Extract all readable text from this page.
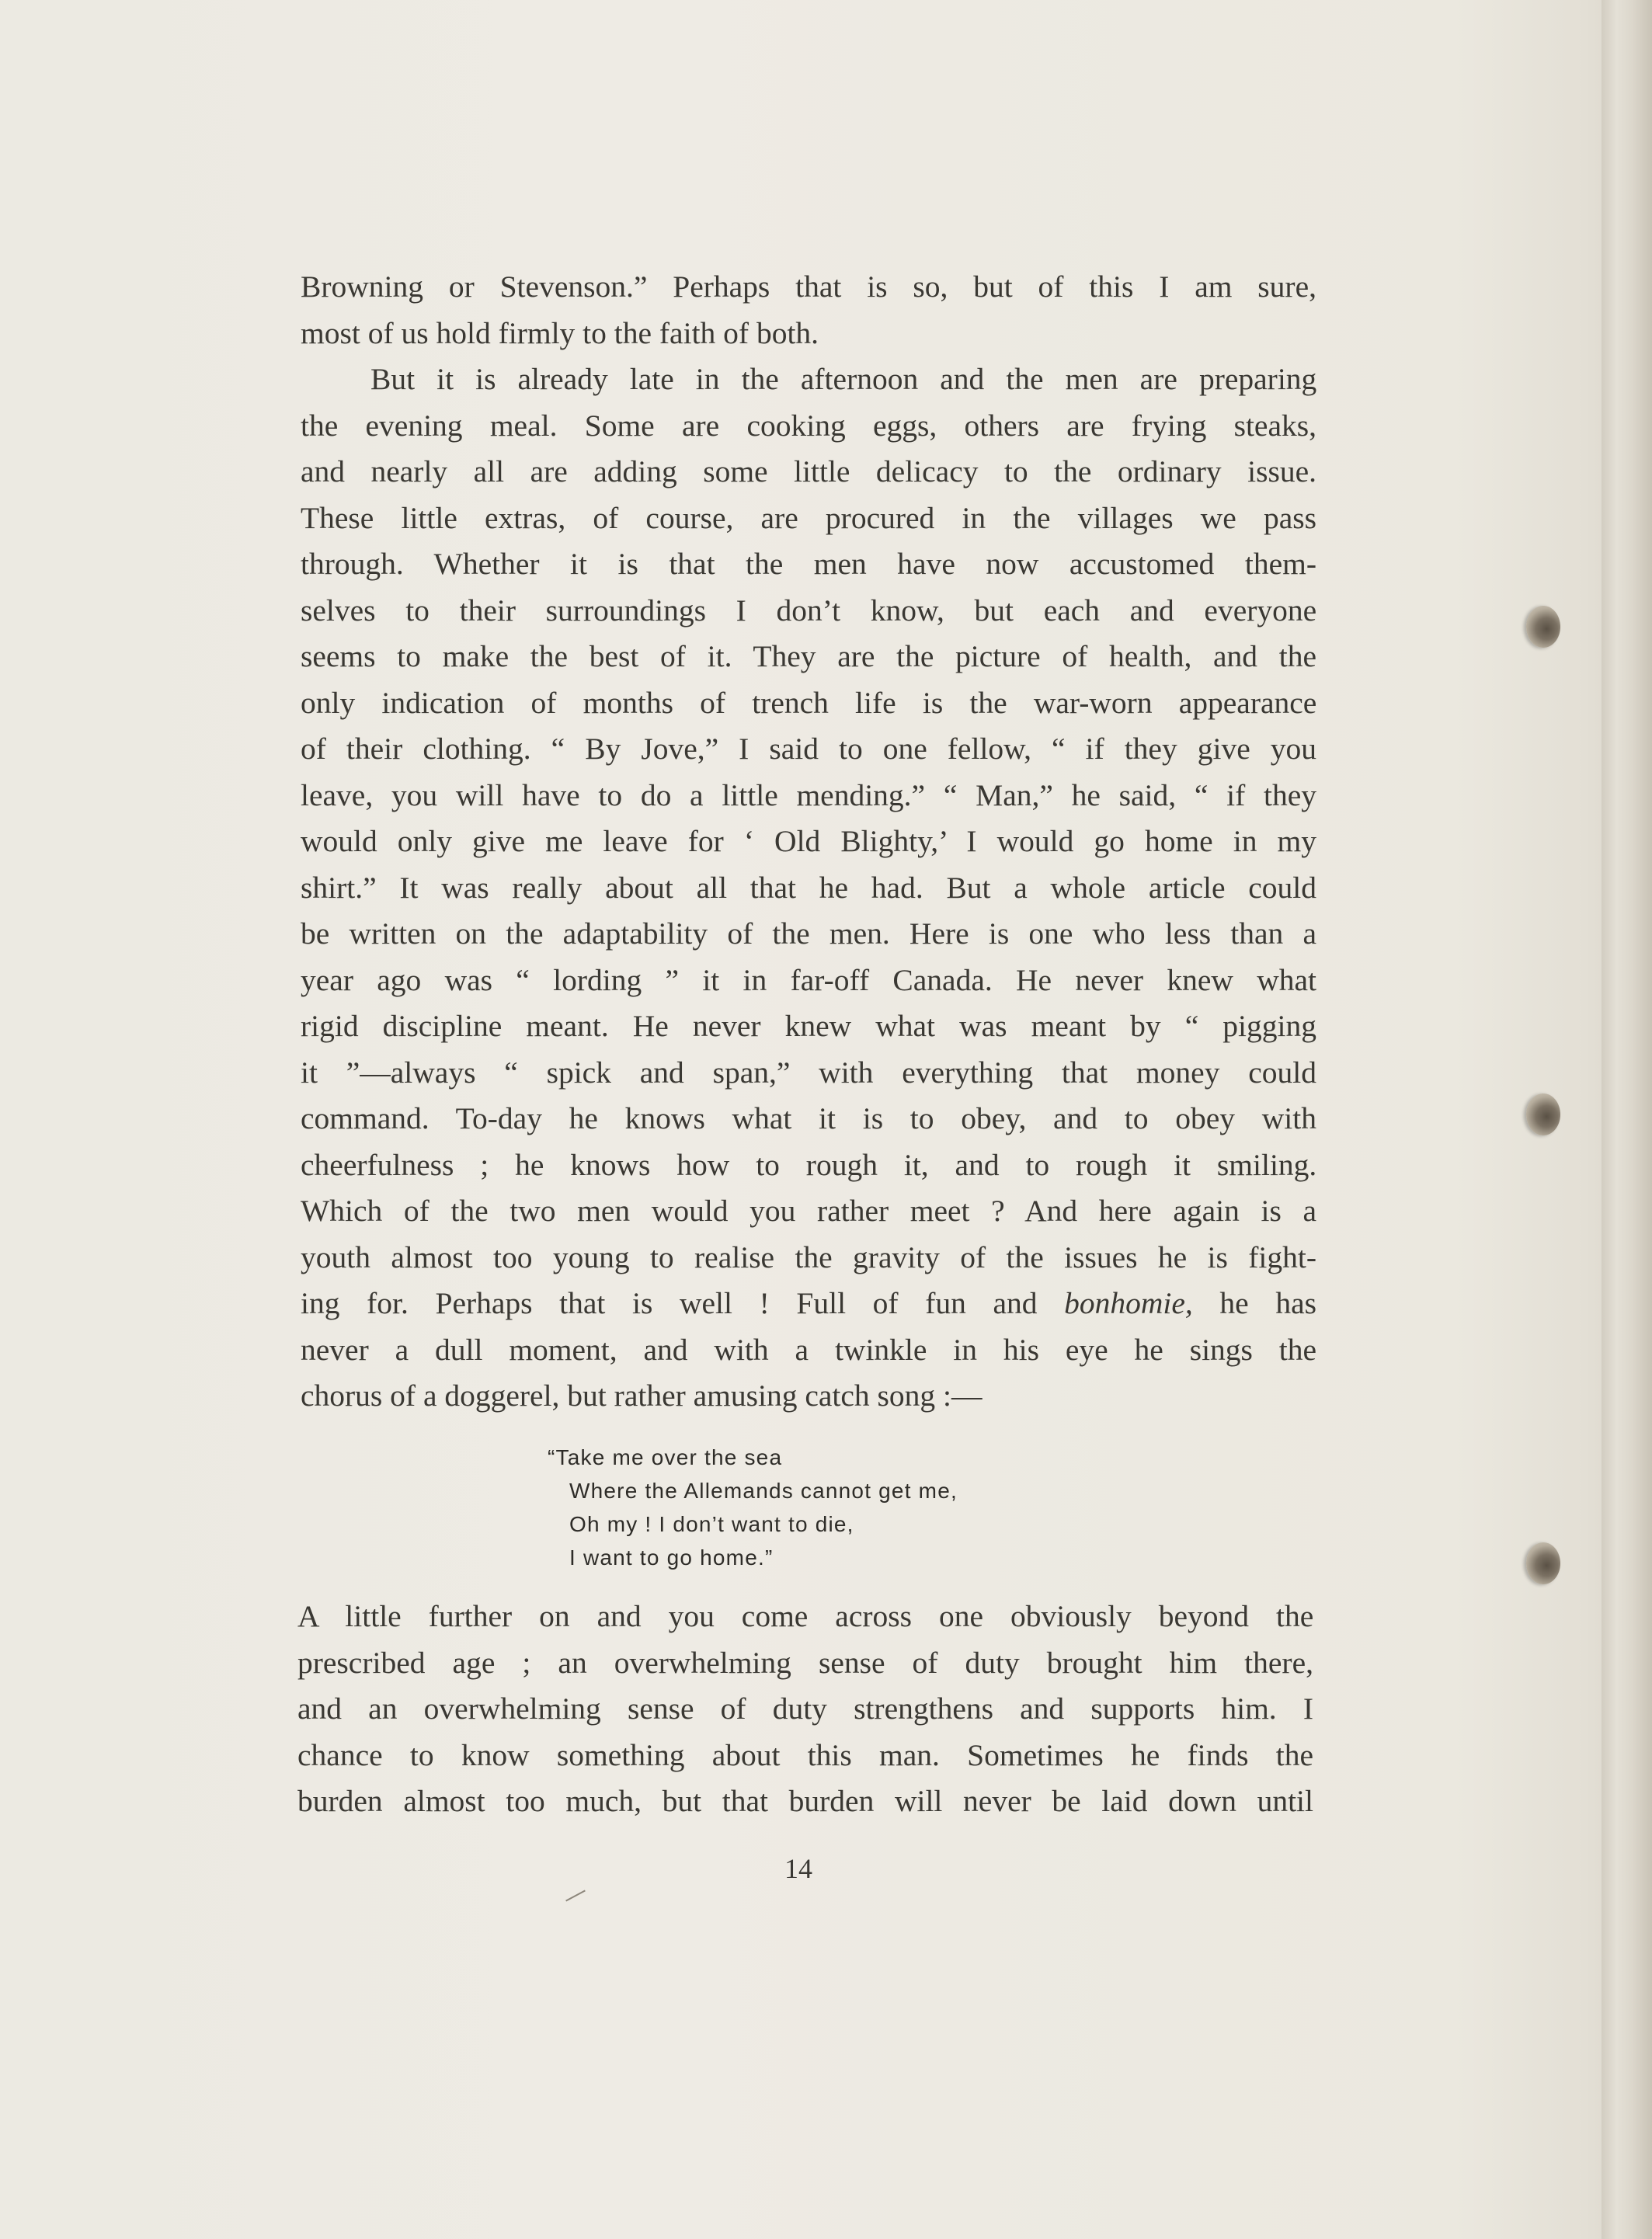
Browning or Stevenson.” Perhaps that is so, but of this I am sure,
most of us hold firmly to the faith of both.
But it is already late in the afternoon and the men are preparing
the evening meal. Some are cooking eggs, others are frying steaks,
and nearly all are adding some little delicacy to the ordinary issue.
These little extras, of course, are procured in the villages we pass
through. Whether it is that the men have now accustomed them-
selves to their surroundings I don’t know, but each and everyone
seems to make the best of it. They are the picture of health, and the
only indication of months of trench life is the war-worn appearance
of their clothing. “ By Jove,” I said to one fellow, “ if they give you
leave, you will have to do a little mending.” “ Man,” he said, “ if they
would only give me leave for ‘ Old Blighty,’ I would go home in my
shirt.” It was really about all that he had. But a whole article could
be written on the adaptability of the men. Here is one who less than a
year ago was “ lording ” it in far-off Canada. He never knew what
rigid discipline meant. He never knew what was meant by “ pigging
it ”—always “ spick and span,” with everything that money could
command. To-day he knows what it is to obey, and to obey with
cheerfulness ; he knows how to rough it, and to rough it smiling.
Which of the two men would you rather meet ? And here again is a
youth almost too young to realise the gravity of the issues he is fight-
ing for. Perhaps that is well ! Full of fun and bonhomie, he has
never a dull moment, and with a twinkle in his eye he sings the
chorus of a doggerel, but rather amusing catch song :—
“Take me over the sea
Where the Allemands cannot get me,
Oh my ! I don’t want to die,
I want to go home.”
A little further on and you come across one obviously beyond the
prescribed age ; an overwhelming sense of duty brought him there,
and an overwhelming sense of duty strengthens and supports him. I
chance to know something about this man. Sometimes he finds the
burden almost too much, but that burden will never be laid down until
14
